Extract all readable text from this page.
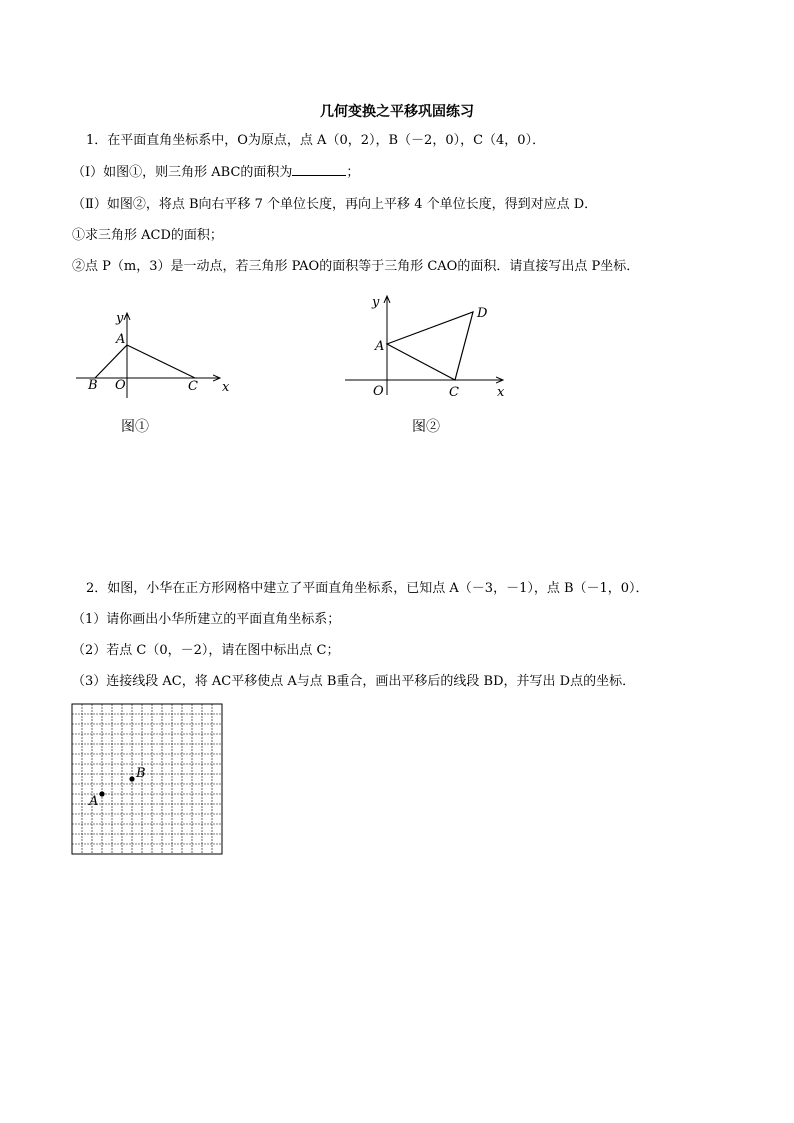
几何变换之平移巩固练习
1．在平面直角坐标系中，O为原点，点 A（0，2），B（－2，0），C（4，0）．
（Ⅰ）如图①，则三角形 ABC的面积为	；
（Ⅱ）如图②，将点 B向右平移 7 个单位长度，再向上平移 4 个单位长度，得到对应点 D．
①求三角形 ACD的面积；
②点 P（m，3）是一动点，若三角形 PAO的面积等于三角形 CAO的面积．请直接写出点 P坐标．
y
x
A
B O	C
图①
y
x
A
D
O	C
图②
2．如图，小华在正方形网格中建立了平面直角坐标系，已知点 A（－3，－1），点 B（－1，0）．
（1）请你画出小华所建立的平面直角坐标系；
（2）若点 C（0，－2），请在图中标出点 C；
（3）连接线段 AC，将 AC平移使点 A与点 B重合，画出平移后的线段 BD，并写出 D点的坐标．
A
B
